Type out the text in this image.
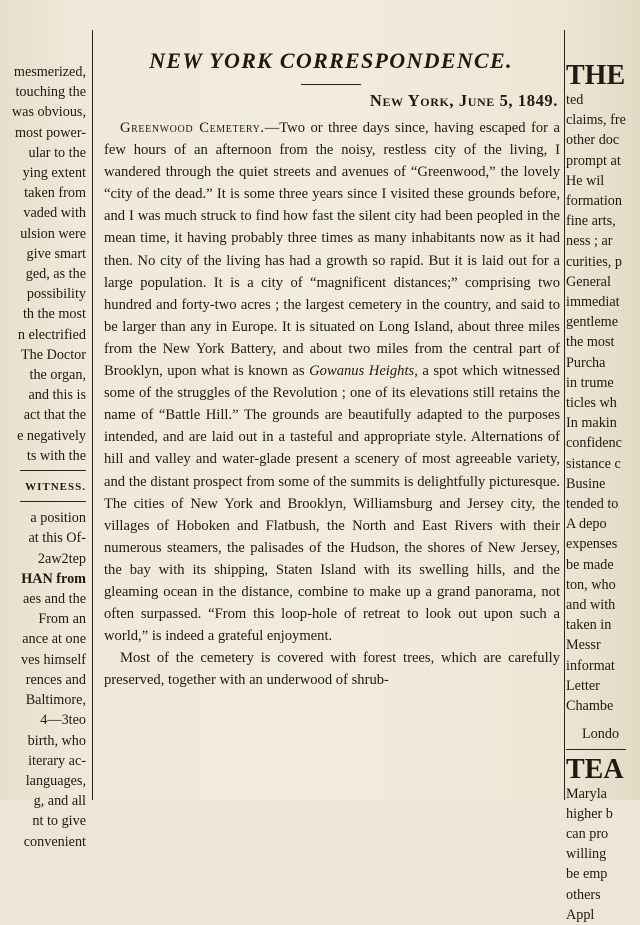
mesmerized,
touching the
was obvious,
most power-
ular to the
ying extent
taken from
vaded with
ulsion were
give smart
ged, as the
possibility
th the most
n electrified
The Doctor
the organ,
and this is
act that the
e negatively
ts with the
WITNESS.
a position
at this Of-
2aw2tep
HAN from
aes and the
From an
ance at one
ves himself
rences and
Baltimore,
4—3teo
birth, who
iterary ac-
languages,
g, and all
nt to give
convenient
NEW YORK CORRESPONDENCE.
New York, June 5, 1849.

Greenwood Cemetery.—Two or three days since, having escaped for a few hours of an afternoon from the noisy, restless city of the living, I wandered through the quiet streets and avenues of “Greenwood,” the lovely “city of the dead.” It is some three years since I visited these grounds before, and I was much struck to find how fast the silent city had been peopled in the mean time, it having probably three times as many inhabitants now as it had then. No city of the living has had a growth so rapid. But it is laid out for a large population. It is a city of “magnificent distances;” comprising two hundred and forty-two acres ; the largest cemetery in the country, and said to be larger than any in Europe. It is situated on Long Island, about three miles from the New York Battery, and about two miles from the central part of Brooklyn, upon what is known as Gowanus Heights, a spot which witnessed some of the struggles of the Revolution ; one of its elevations still retains the name of “Battle Hill.” The grounds are beautifully adapted to the purposes intended, and are laid out in a tasteful and appropriate style. Alternations of hill and valley and water-glade present a scenery of most agreeable variety, and the distant prospect from some of the summits is delightfully picturesque. The cities of New York and Brooklyn, Williamsburg and Jersey city, the villages of Hoboken and Flatbush, the North and East Rivers with their numerous steamers, the palisades of the Hudson, the shores of New Jersey, the bay with its shipping, Staten Island with its swelling hills, and the gleaming ocean in the distance, combine to make up a grand panorama, not often surpassed. “From this loop-hole of retreat to look out upon such a world,” is indeed a grateful enjoyment.

Most of the cemetery is covered with forest trees, which are carefully preserved, together with an underwood of shrub-

THE
ted
claims, fre
other doc
prompt at
He wil
formation
fine arts,
ness ; ar
curities, p
General
immediat
gentleme
the most
Purcha
in trume
ticles wh
In makin
confidenc
sistance c
Busine
tended to
A depo
expenses
be made
ton, who
and with
taken in
Messr
informat
Letter
Chambe
Londo
TEA
Maryla
higher b
can pro
willing
be emp
others
Appl
